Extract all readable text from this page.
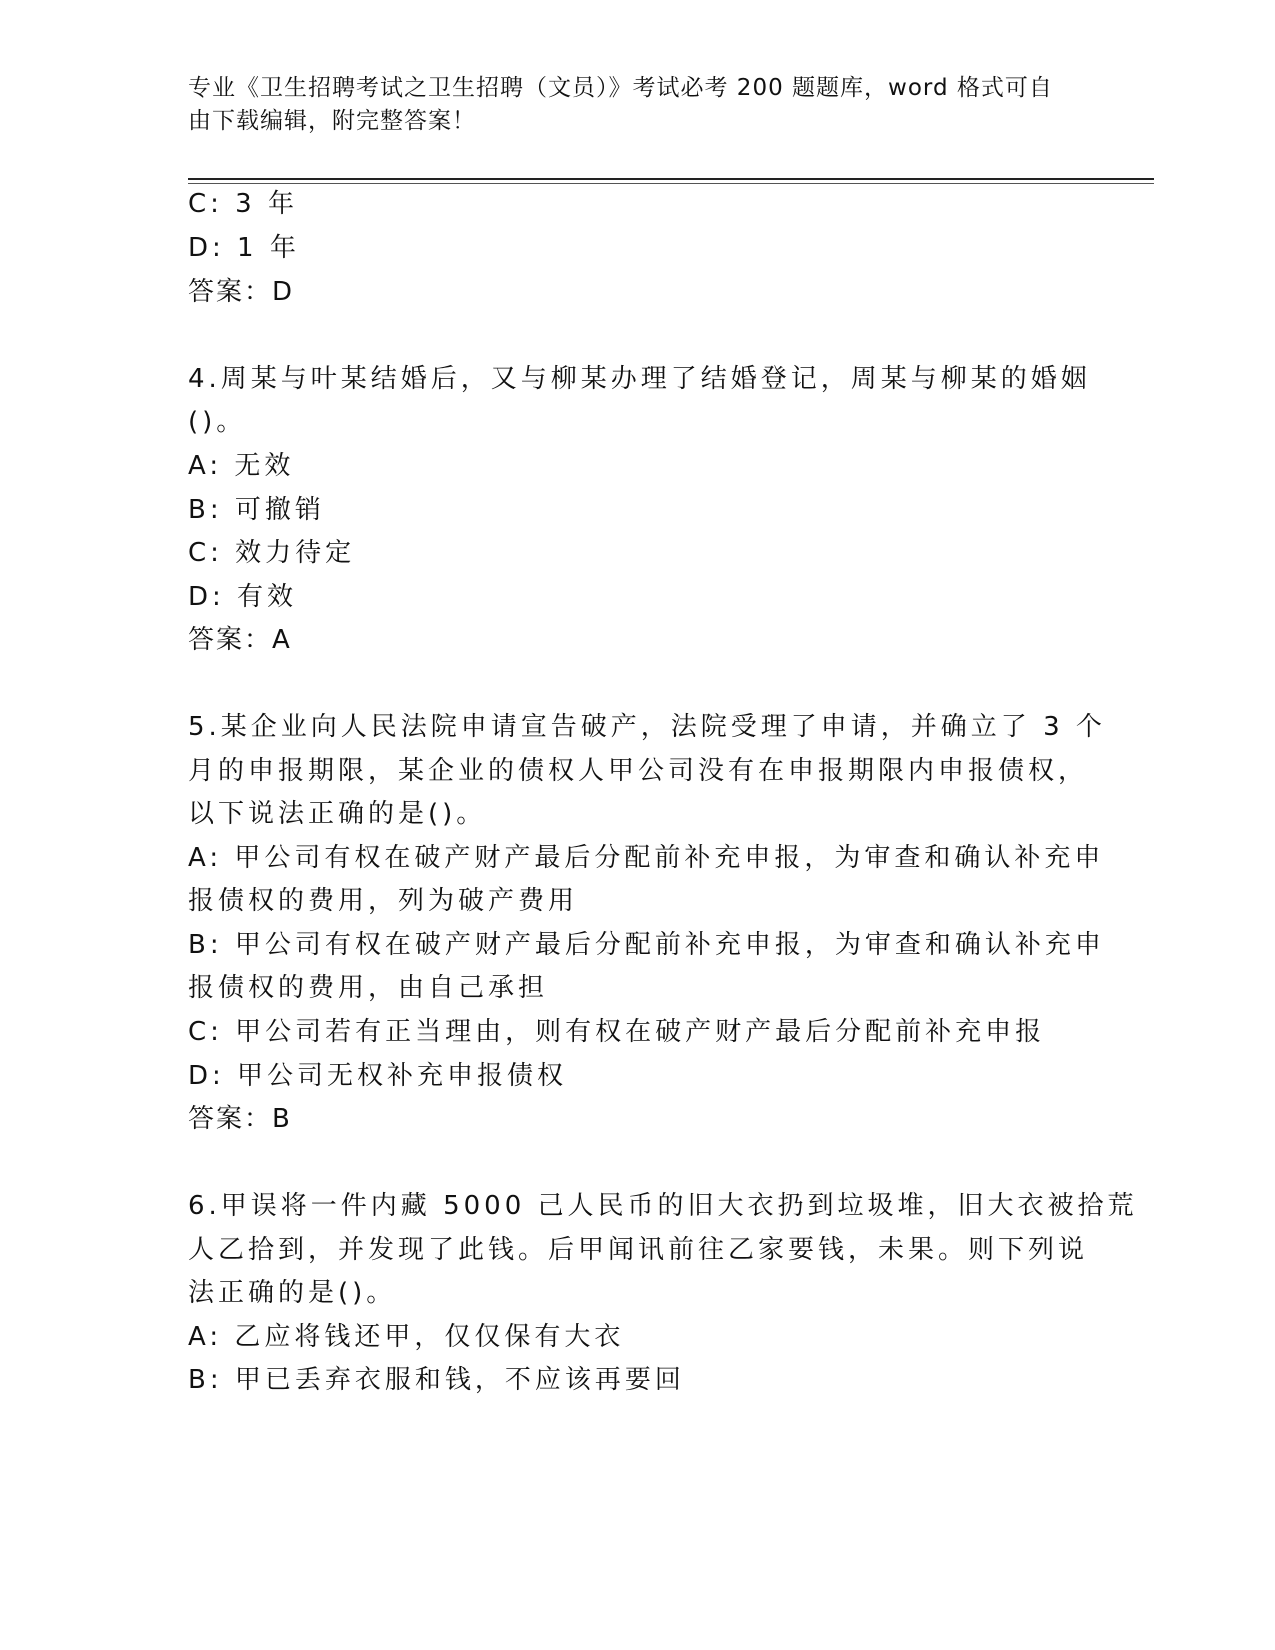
专业《卫生招聘考试之卫生招聘（文员）》考试必考 200 题题库，word 格式可自
由下载编辑，附完整答案！
C: 3 年
D: 1 年
答案：D
4.周某与叶某结婚后，又与柳某办理了结婚登记，周某与柳某的婚姻
()。
A: 无效
B: 可撤销
C: 效力待定
D: 有效
答案：A
5.某企业向人民法院申请宣告破产，法院受理了申请，并确立了 3 个
月的申报期限，某企业的债权人甲公司没有在申报期限内申报债权，
以下说法正确的是()。
A: 甲公司有权在破产财产最后分配前补充申报，为审查和确认补充申
报债权的费用，列为破产费用
B: 甲公司有权在破产财产最后分配前补充申报，为审查和确认补充申
报债权的费用，由自己承担
C: 甲公司若有正当理由，则有权在破产财产最后分配前补充申报
D: 甲公司无权补充申报债权
答案：B
6.甲误将一件内藏 5000 己人民币的旧大衣扔到垃圾堆，旧大衣被拾荒
人乙拾到，并发现了此钱。后甲闻讯前往乙家要钱，未果。则下列说
法正确的是()。
A: 乙应将钱还甲，仅仅保有大衣
B: 甲已丢弃衣服和钱，不应该再要回
